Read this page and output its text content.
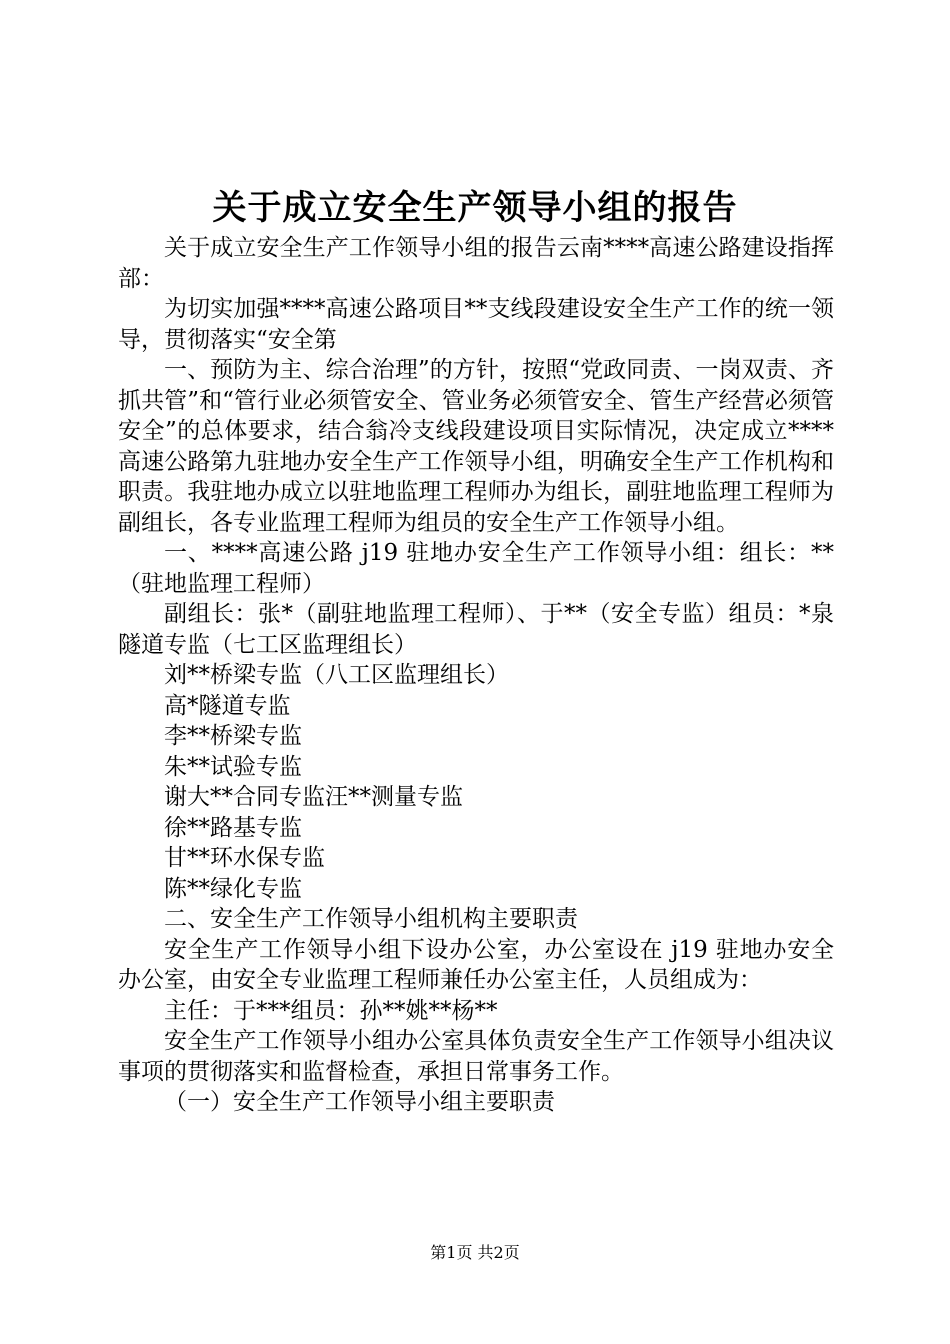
关于成立安全生产领导小组的报告

关于成立安全生产工作领导小组的报告云南****高速公路建设指挥部：

为切实加强****高速公路项目**支线段建设安全生产工作的统一领导，贯彻落实“安全第

一、预防为主、综合治理”的方针，按照“党政同责、一岗双责、齐抓共管”和“管行业必须管安全、管业务必须管安全、管生产经营必须管安全”的总体要求，结合翁冷支线段建设项目实际情况，决定成立****高速公路第九驻地办安全生产工作领导小组，明确安全生产工作机构和职责。我驻地办成立以驻地监理工程师办为组长，副驻地监理工程师为副组长，各专业监理工程师为组员的安全生产工作领导小组。

一、****高速公路 j19 驻地办安全生产工作领导小组：组长：**（驻地监理工程师）

副组长：张*（副驻地监理工程师）、于**（安全专监）组员：*泉隧道专监（七工区监理组长）

刘**桥梁专监（八工区监理组长）

高*隧道专监

李**桥梁专监

朱**试验专监

谢大**合同专监汪**测量专监

徐**路基专监

甘**环水保专监

陈**绿化专监

二、安全生产工作领导小组机构主要职责

安全生产工作领导小组下设办公室，办公室设在 j19 驻地办安全办公室，由安全专业监理工程师兼任办公室主任，人员组成为：

主任：于***组员：孙**姚**杨**

安全生产工作领导小组办公室具体负责安全生产工作领导小组决议事项的贯彻落实和监督检查，承担日常事务工作。

（一）安全生产工作领导小组主要职责

第1页 共2页
